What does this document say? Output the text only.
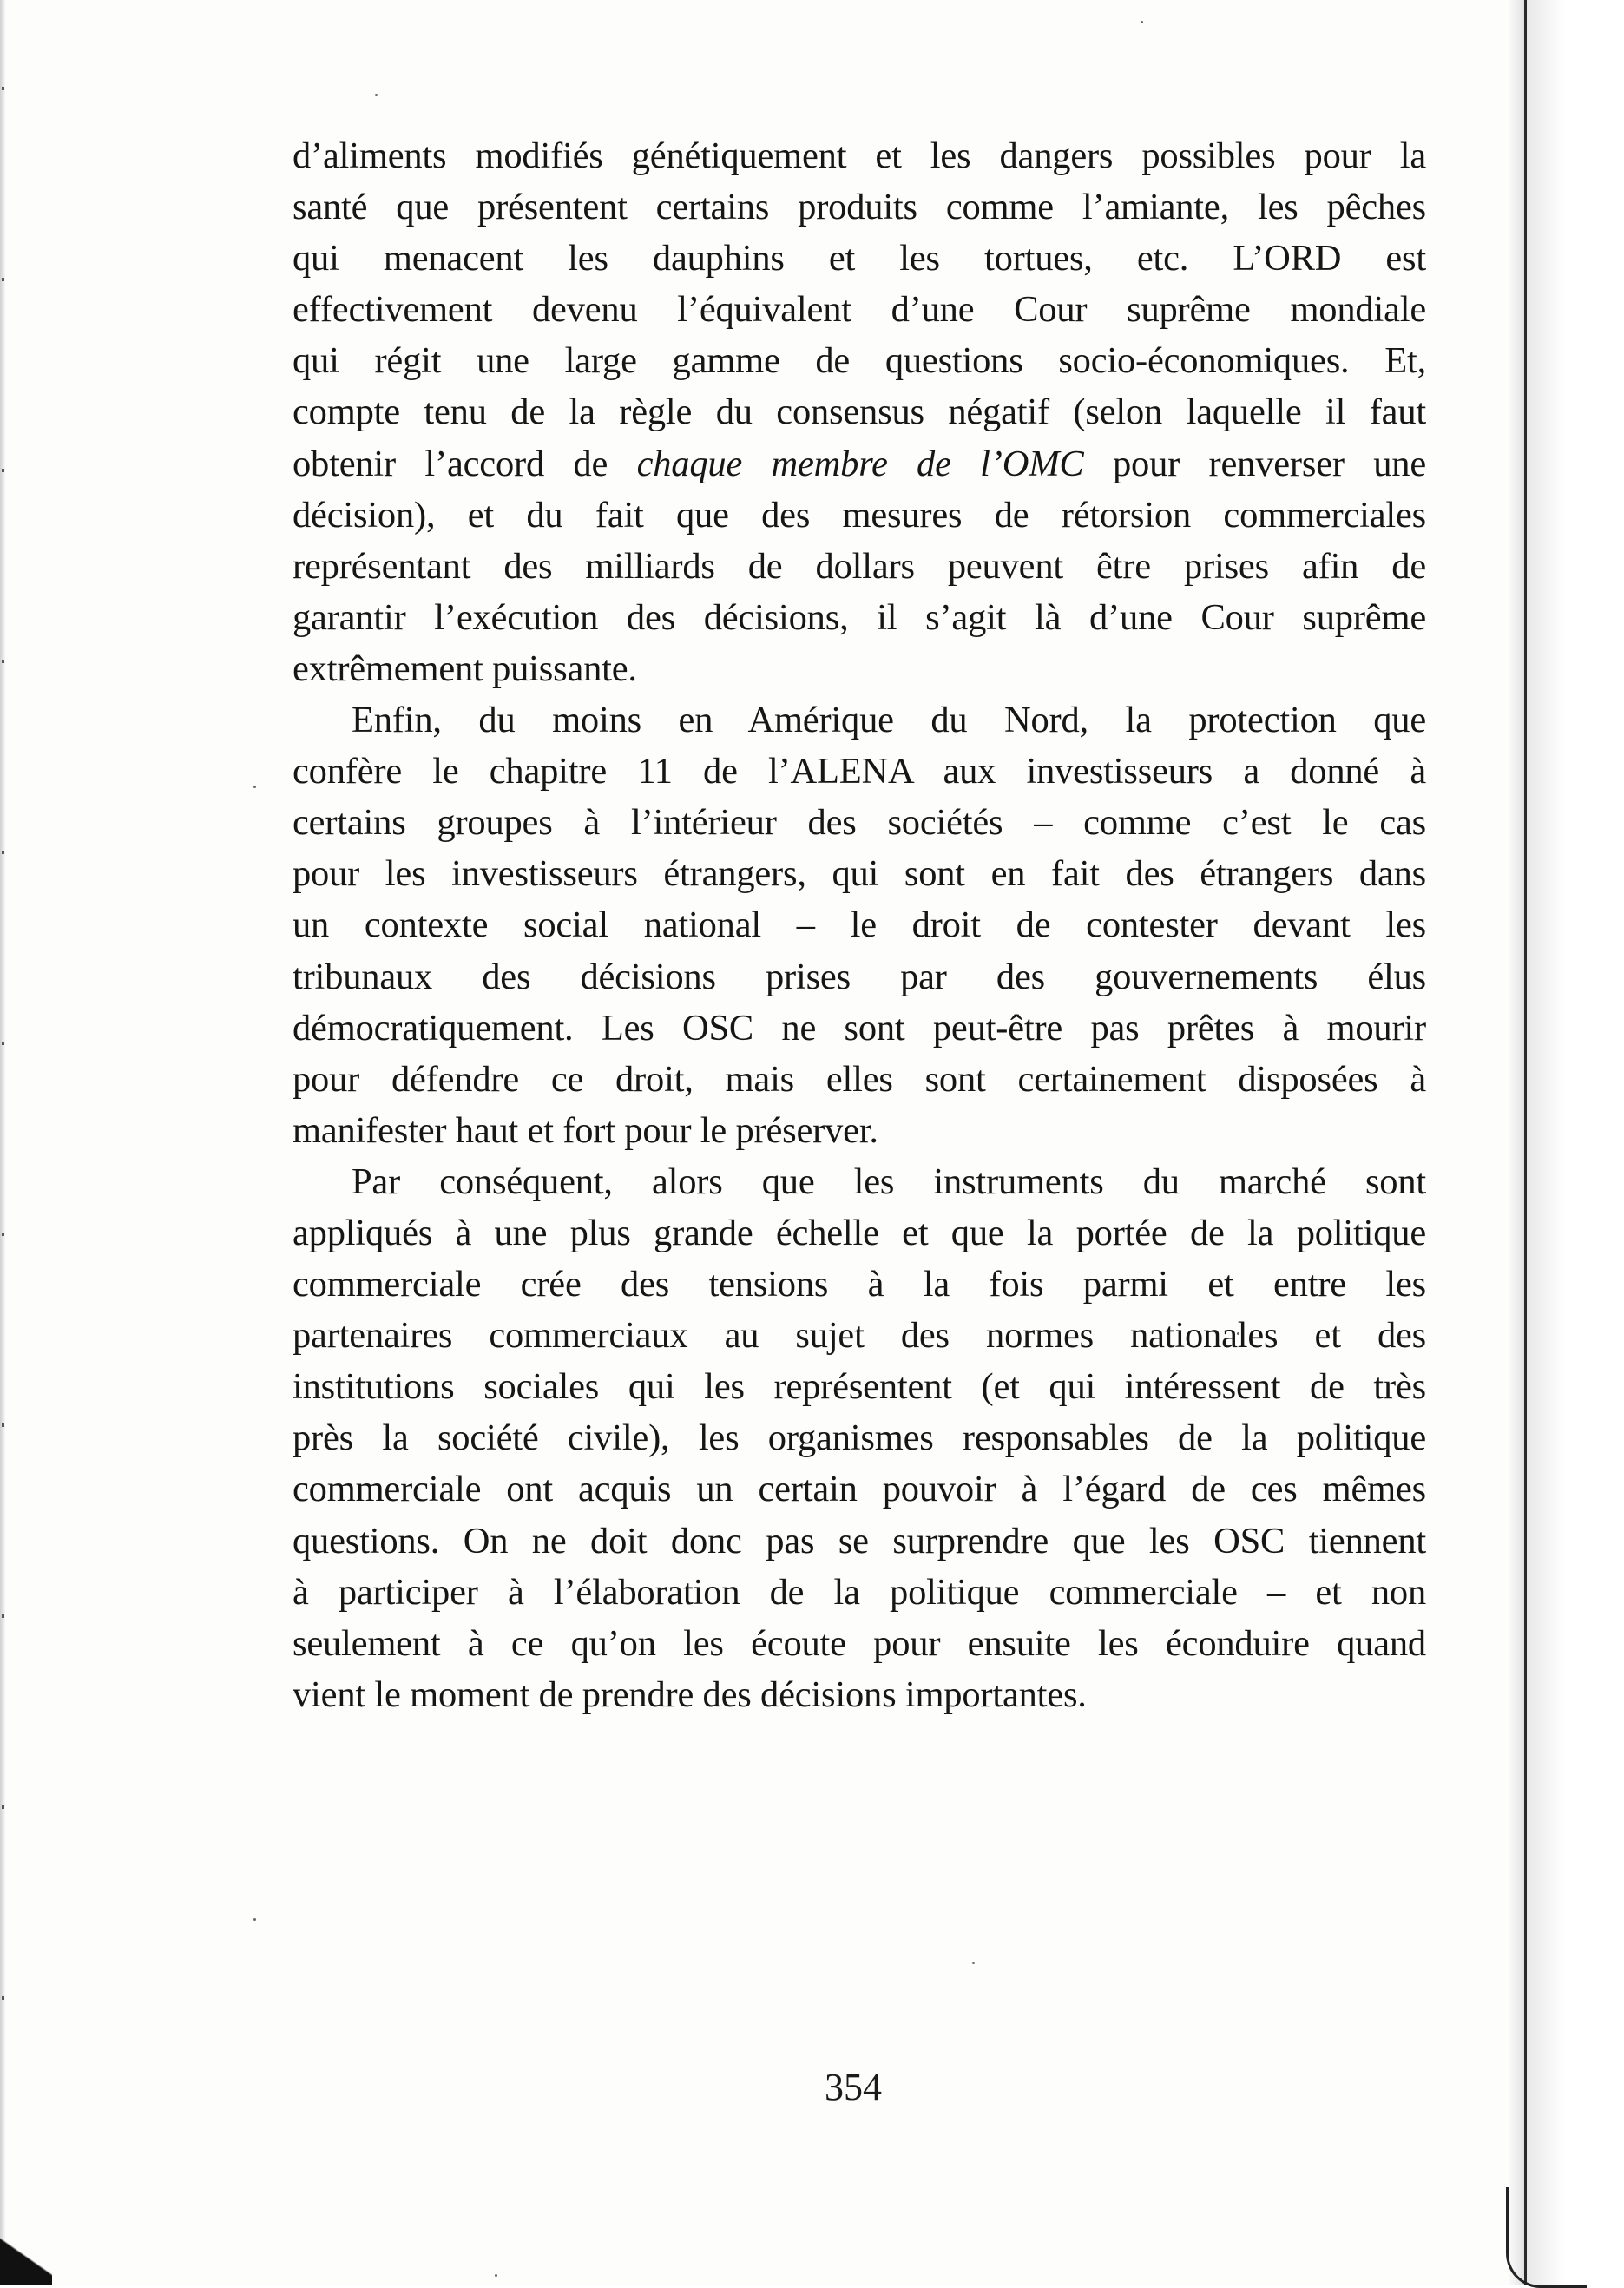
d’aliments modifiés génétiquement et les dangers possibles pour la
santé que présentent certains produits comme l’amiante, les pêches
qui menacent les dauphins et les tortues, etc. L’ORD est
effectivement devenu l’équivalent d’une Cour suprême mondiale
qui régit une large gamme de questions socio-économiques. Et,
compte tenu de la règle du consensus négatif (selon laquelle il faut
obtenir l’accord de chaque membre de l’OMC pour renverser une
décision), et du fait que des mesures de rétorsion commerciales
représentant des milliards de dollars peuvent être prises afin de
garantir l’exécution des décisions, il s’agit là d’une Cour suprême
extrêmement puissante.
Enfin, du moins en Amérique du Nord, la protection que
confère le chapitre 11 de l’ALENA aux investisseurs a donné à
certains groupes à l’intérieur des sociétés – comme c’est le cas
pour les investisseurs étrangers, qui sont en fait des étrangers dans
un contexte social national – le droit de contester devant les
tribunaux des décisions prises par des gouvernements élus
démocratiquement. Les OSC ne sont peut-être pas prêtes à mourir
pour défendre ce droit, mais elles sont certainement disposées à
manifester haut et fort pour le préserver.
Par conséquent, alors que les instruments du marché sont
appliqués à une plus grande échelle et que la portée de la politique
commerciale crée des tensions à la fois parmi et entre les
partenaires commerciaux au sujet des normes nationales et des
institutions sociales qui les représentent (et qui intéressent de très
près la société civile), les organismes responsables de la politique
commerciale ont acquis un certain pouvoir à l’égard de ces mêmes
questions. On ne doit donc pas se surprendre que les OSC tiennent
à participer à l’élaboration de la politique commerciale – et non
seulement à ce qu’on les écoute pour ensuite les éconduire quand
vient le moment de prendre des décisions importantes.
354
